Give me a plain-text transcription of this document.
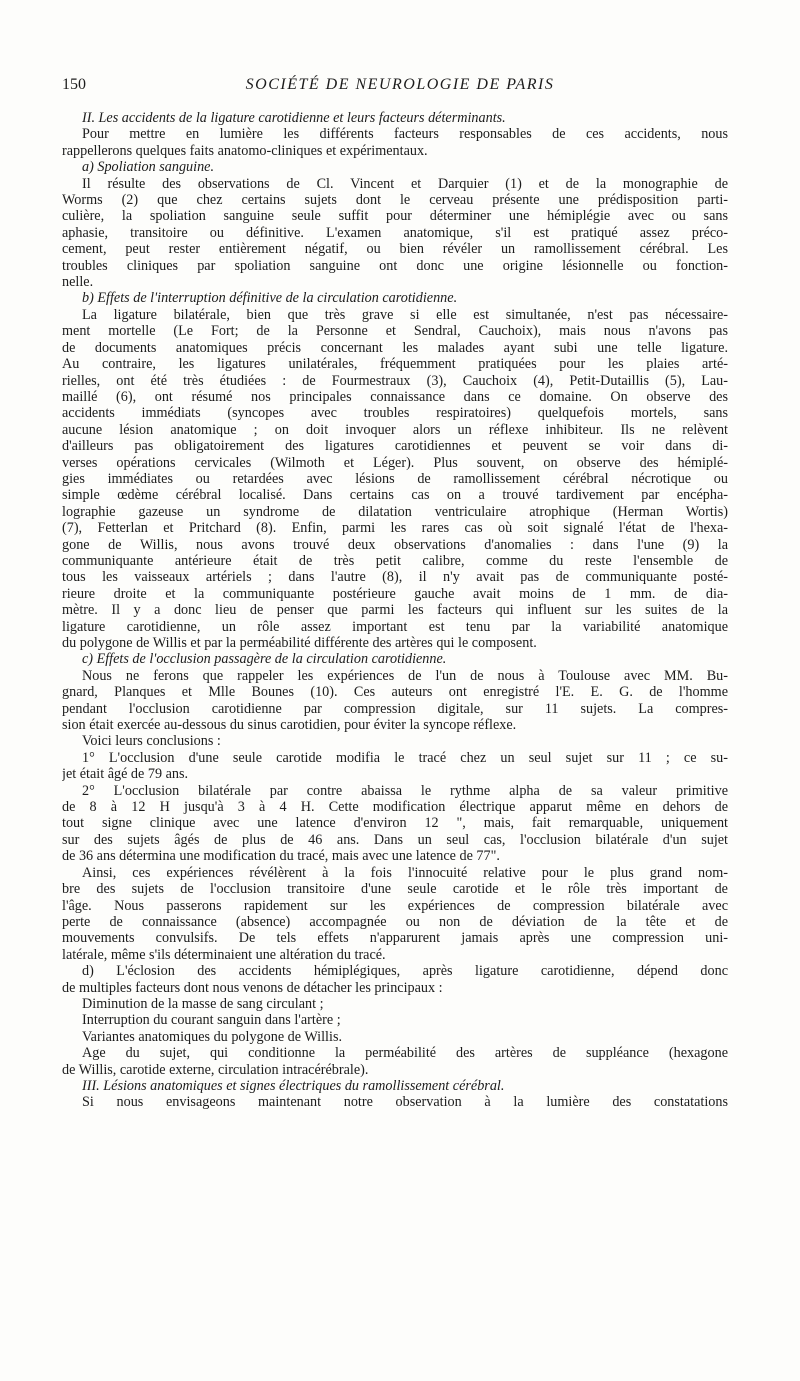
150	SOCIÉTÉ DE NEUROLOGIE DE PARIS
II. Les accidents de la ligature carotidienne et leurs facteurs déterminants.
Pour mettre en lumière les différents facteurs responsables de ces accidents, nous
rappellerons quelques faits anatomo-cliniques et expérimentaux.
a) Spoliation sanguine.
Il résulte des observations de Cl. Vincent et Darquier (1) et de la monographie de
Worms (2) que chez certains sujets dont le cerveau présente une prédisposition parti-
culière, la spoliation sanguine seule suffit pour déterminer une hémiplégie avec ou sans
aphasie, transitoire ou définitive. L'examen anatomique, s'il est pratiqué assez préco-
cement, peut rester entièrement négatif, ou bien révéler un ramollissement cérébral. Les
troubles cliniques par spoliation sanguine ont donc une origine lésionnelle ou fonction-
nelle.
b) Effets de l'interruption définitive de la circulation carotidienne.
La ligature bilatérale, bien que très grave si elle est simultanée, n'est pas nécessaire-
ment mortelle (Le Fort; de la Personne et Sendral, Cauchoix), mais nous n'avons pas
de documents anatomiques précis concernant les malades ayant subi une telle ligature.
Au contraire, les ligatures unilatérales, fréquemment pratiquées pour les plaies arté-
rielles, ont été très étudiées : de Fourmestraux (3), Cauchoix (4), Petit-Dutaillis (5), Lau-
maillé (6), ont résumé nos principales connaissance dans ce domaine. On observe des
accidents immédiats (syncopes avec troubles respiratoires) quelquefois mortels, sans
aucune lésion anatomique ; on doit invoquer alors un réflexe inhibiteur. Ils ne relèvent
d'ailleurs pas obligatoirement des ligatures carotidiennes et peuvent se voir dans di-
verses opérations cervicales (Wilmoth et Léger). Plus souvent, on observe des hémiplé-
gies immédiates ou retardées avec lésions de ramollissement cérébral nécrotique ou
simple œdème cérébral localisé. Dans certains cas on a trouvé tardivement par encépha-
lographie gazeuse un syndrome de dilatation ventriculaire atrophique (Herman Wortis)
(7), Fetterlan et Pritchard (8). Enfin, parmi les rares cas où soit signalé l'état de l'hexa-
gone de Willis, nous avons trouvé deux observations d'anomalies : dans l'une (9) la
communiquante antérieure était de très petit calibre, comme du reste l'ensemble de
tous les vaisseaux artériels ; dans l'autre (8), il n'y avait pas de communiquante posté-
rieure droite et la communiquante postérieure gauche avait moins de 1 mm. de dia-
mètre. Il y a donc lieu de penser que parmi les facteurs qui influent sur les suites de la
ligature carotidienne, un rôle assez important est tenu par la variabilité anatomique
du polygone de Willis et par la perméabilité différente des artères qui le composent.
c) Effets de l'occlusion passagère de la circulation carotidienne.
Nous ne ferons que rappeler les expériences de l'un de nous à Toulouse avec MM. Bu-
gnard, Planques et Mlle Bounes (10). Ces auteurs ont enregistré l'E. E. G. de l'homme
pendant l'occlusion carotidienne par compression digitale, sur 11 sujets. La compres-
sion était exercée au-dessous du sinus carotidien, pour éviter la syncope réflexe.
Voici leurs conclusions :
1° L'occlusion d'une seule carotide modifia le tracé chez un seul sujet sur 11 ; ce su-
jet était âgé de 79 ans.
2° L'occlusion bilatérale par contre abaissa le rythme alpha de sa valeur primitive
de 8 à 12 H jusqu'à 3 à 4 H. Cette modification électrique apparut même en dehors de
tout signe clinique avec une latence d'environ 12 ", mais, fait remarquable, uniquement
sur des sujets âgés de plus de 46 ans. Dans un seul cas, l'occlusion bilatérale d'un sujet
de 36 ans détermina une modification du tracé, mais avec une latence de 77".
Ainsi, ces expériences révélèrent à la fois l'innocuité relative pour le plus grand nom-
bre des sujets de l'occlusion transitoire d'une seule carotide et le rôle très important de
l'âge. Nous passerons rapidement sur les expériences de compression bilatérale avec
perte de connaissance (absence) accompagnée ou non de déviation de la tête et de
mouvements convulsifs. De tels effets n'apparurent jamais après une compression uni-
latérale, même s'ils déterminaient une altération du tracé.
d) L'éclosion des accidents hémiplégiques, après ligature carotidienne, dépend donc
de multiples facteurs dont nous venons de détacher les principaux :
Diminution de la masse de sang circulant ;
Interruption du courant sanguin dans l'artère ;
Variantes anatomiques du polygone de Willis.
Age du sujet, qui conditionne la perméabilité des artères de suppléance (hexagone
de Willis, carotide externe, circulation intracérébrale).
III. Lésions anatomiques et signes électriques du ramollissement cérébral.
Si nous envisageons maintenant notre observation à la lumière des constatations
